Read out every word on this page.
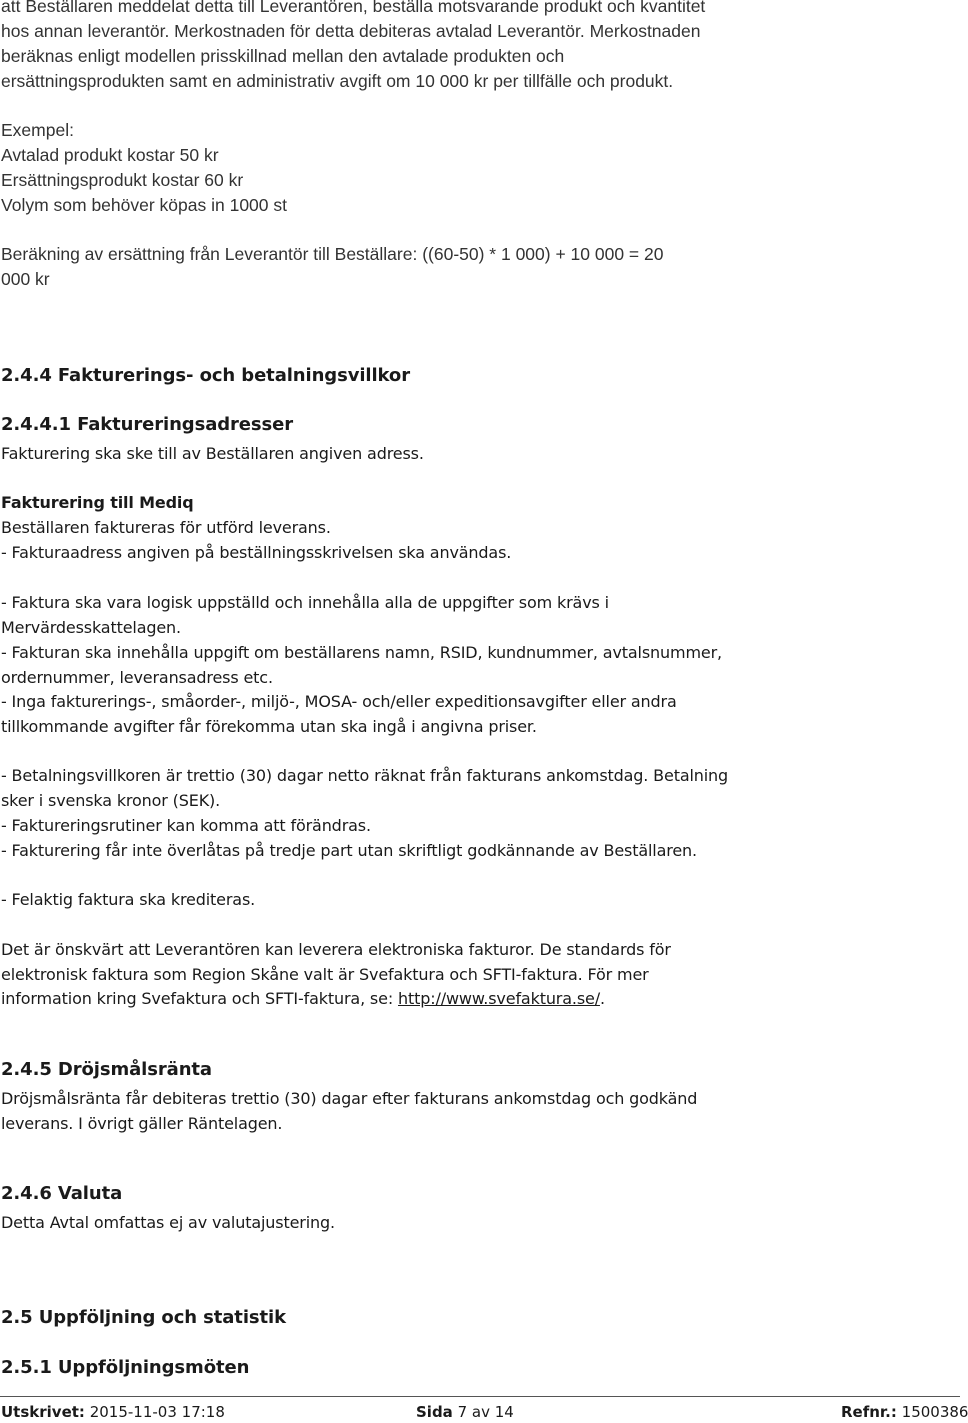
att Beställaren meddelat detta till Leverantören, beställa motsvarande produkt och kvantitet
hos annan leverantör. Merkostnaden för detta debiteras avtalad Leverantör. Merkostnaden
beräknas enligt modellen prisskillnad mellan den avtalade produkten och
ersättningsprodukten samt en administrativ avgift om 10 000 kr per tillfälle och produkt.
Exempel:
Avtalad produkt kostar 50 kr
Ersättningsprodukt kostar 60 kr
Volym som behöver köpas in 1000 st
Beräkning av ersättning från Leverantör till Beställare: ((60-50) * 1 000) + 10 000 = 20
000 kr
2.4.4 Fakturerings- och betalningsvillkor
2.4.4.1 Faktureringsadresser
Fakturering ska ske till av Beställaren angiven adress.
Fakturering till Mediq
Beställaren faktureras för utförd leverans.
- Fakturaadress angiven på beställningsskrivelsen ska användas.
- Faktura ska vara logisk uppställd och innehålla alla de uppgifter som krävs i
Mervärdesskattelagen.
- Fakturan ska innehålla uppgift om beställarens namn, RSID, kundnummer, avtalsnummer,
ordernummer, leveransadress etc.
- Inga fakturerings-, småorder-, miljö-, MOSA- och/eller expeditionsavgifter eller andra
tillkommande avgifter får förekomma utan ska ingå i angivna priser.
- Betalningsvillkoren är trettio (30) dagar netto räknat från fakturans ankomstdag. Betalning
sker i svenska kronor (SEK).
- Faktureringsrutiner kan komma att förändras.
- Fakturering får inte överlåtas på tredje part utan skriftligt godkännande av Beställaren.
- Felaktig faktura ska krediteras.
Det är önskvärt att Leverantören kan leverera elektroniska fakturor. De standards för
elektronisk faktura som Region Skåne valt är Svefaktura och SFTI-faktura. För mer
information kring Svefaktura och SFTI-faktura, se: http://www.svefaktura.se/.
2.4.5 Dröjsmålsränta
Dröjsmålsränta får debiteras trettio (30) dagar efter fakturans ankomstdag och godkänd
leverans. I övrigt gäller Räntelagen.
2.4.6 Valuta
Detta Avtal omfattas ej av valutajustering.
2.5 Uppföljning och statistik
2.5.1 Uppföljningsmöten
Utskrivet: 2015-11-03 17:18	Sida 7 av 14	Refnr.: 1500386
